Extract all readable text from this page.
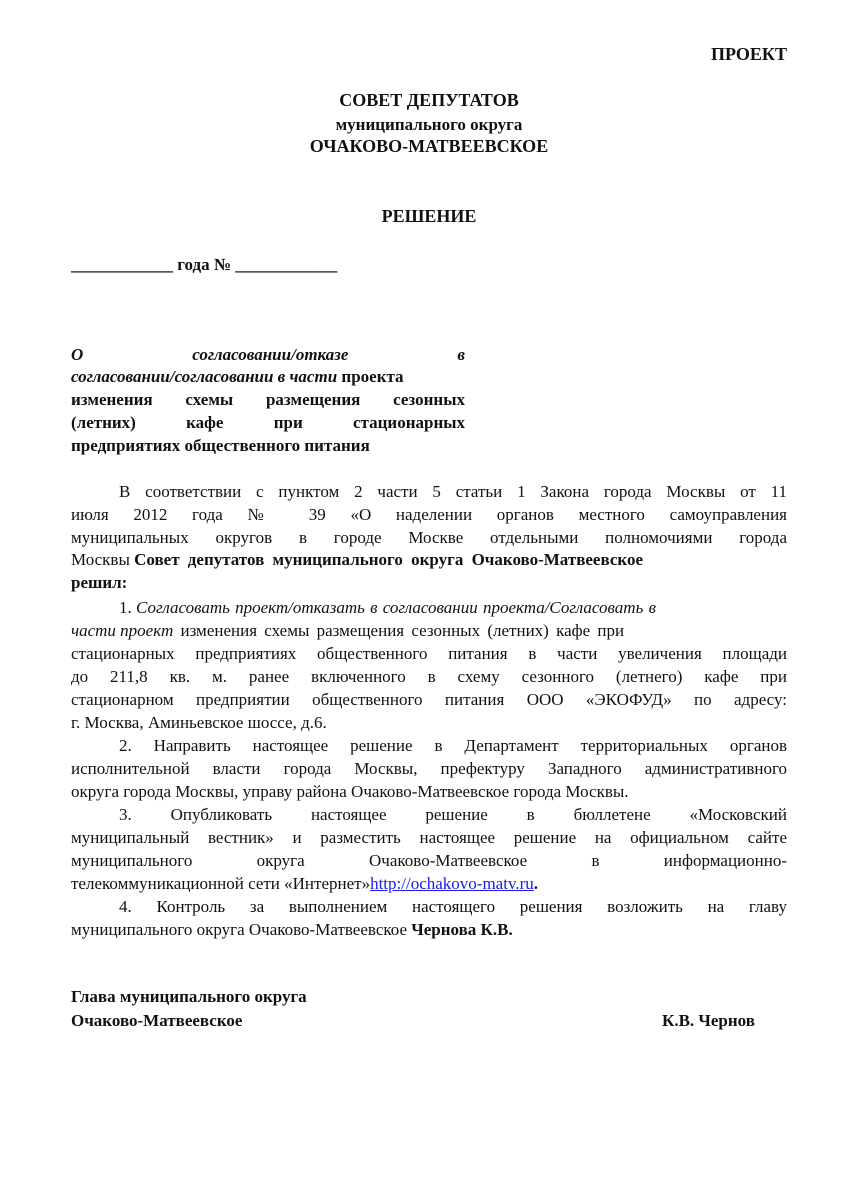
ПРОЕКТ
СОВЕТ ДЕПУТАТОВ
муниципального округа
ОЧАКОВО-МАТВЕЕВСКОЕ
РЕШЕНИЕ
____________ года № ____________
О	согласовании/отказе	в
согласовании/согласовании в части проекта
изменения схемы размещения сезонных
(летних)	кафе	при	стационарных
предприятиях общественного питания
В соответствии с пунктом 2 части 5 статьи 1 Закона города Москвы от 11
июля 2012 года № 39 «О наделении органов местного самоуправления
муниципальных округов в городе Москве отдельными полномочиями города
Москвы Совет депутатов муниципального округа Очаково-Матвеевское
решил:
1. Согласовать проект/отказать в согласовании проекта/Согласовать в
части проект изменения схемы размещения сезонных (летних) кафе при
стационарных предприятиях общественного питания в части увеличения площади
до 211,8 кв. м. ранее включенного в схему сезонного (летнего) кафе при
стационарном предприятии общественного питания ООО «ЭКОФУД» по адресу:
г. Москва, Аминьевское шоссе, д.6.
2. Направить настоящее решение в Департамент территориальных органов
исполнительной власти города Москвы, префектуру Западного административного
округа города Москвы, управу района Очаково-Матвеевское города Москвы.
3. Опубликовать настоящее решение в бюллетене «Московский
муниципальный вестник» и разместить настоящее решение на официальном сайте
муниципального округа Очаково-Матвеевское в информационно-
телекоммуникационной сети «Интернет»http://ochakovo-matv.ru.
4. Контроль за выполнением настоящего решения возложить на главу
муниципального округа Очаково-Матвеевское Чернова К.В.
Глава муниципального округа
Очаково-Матвеевское	К.В. Чернов
